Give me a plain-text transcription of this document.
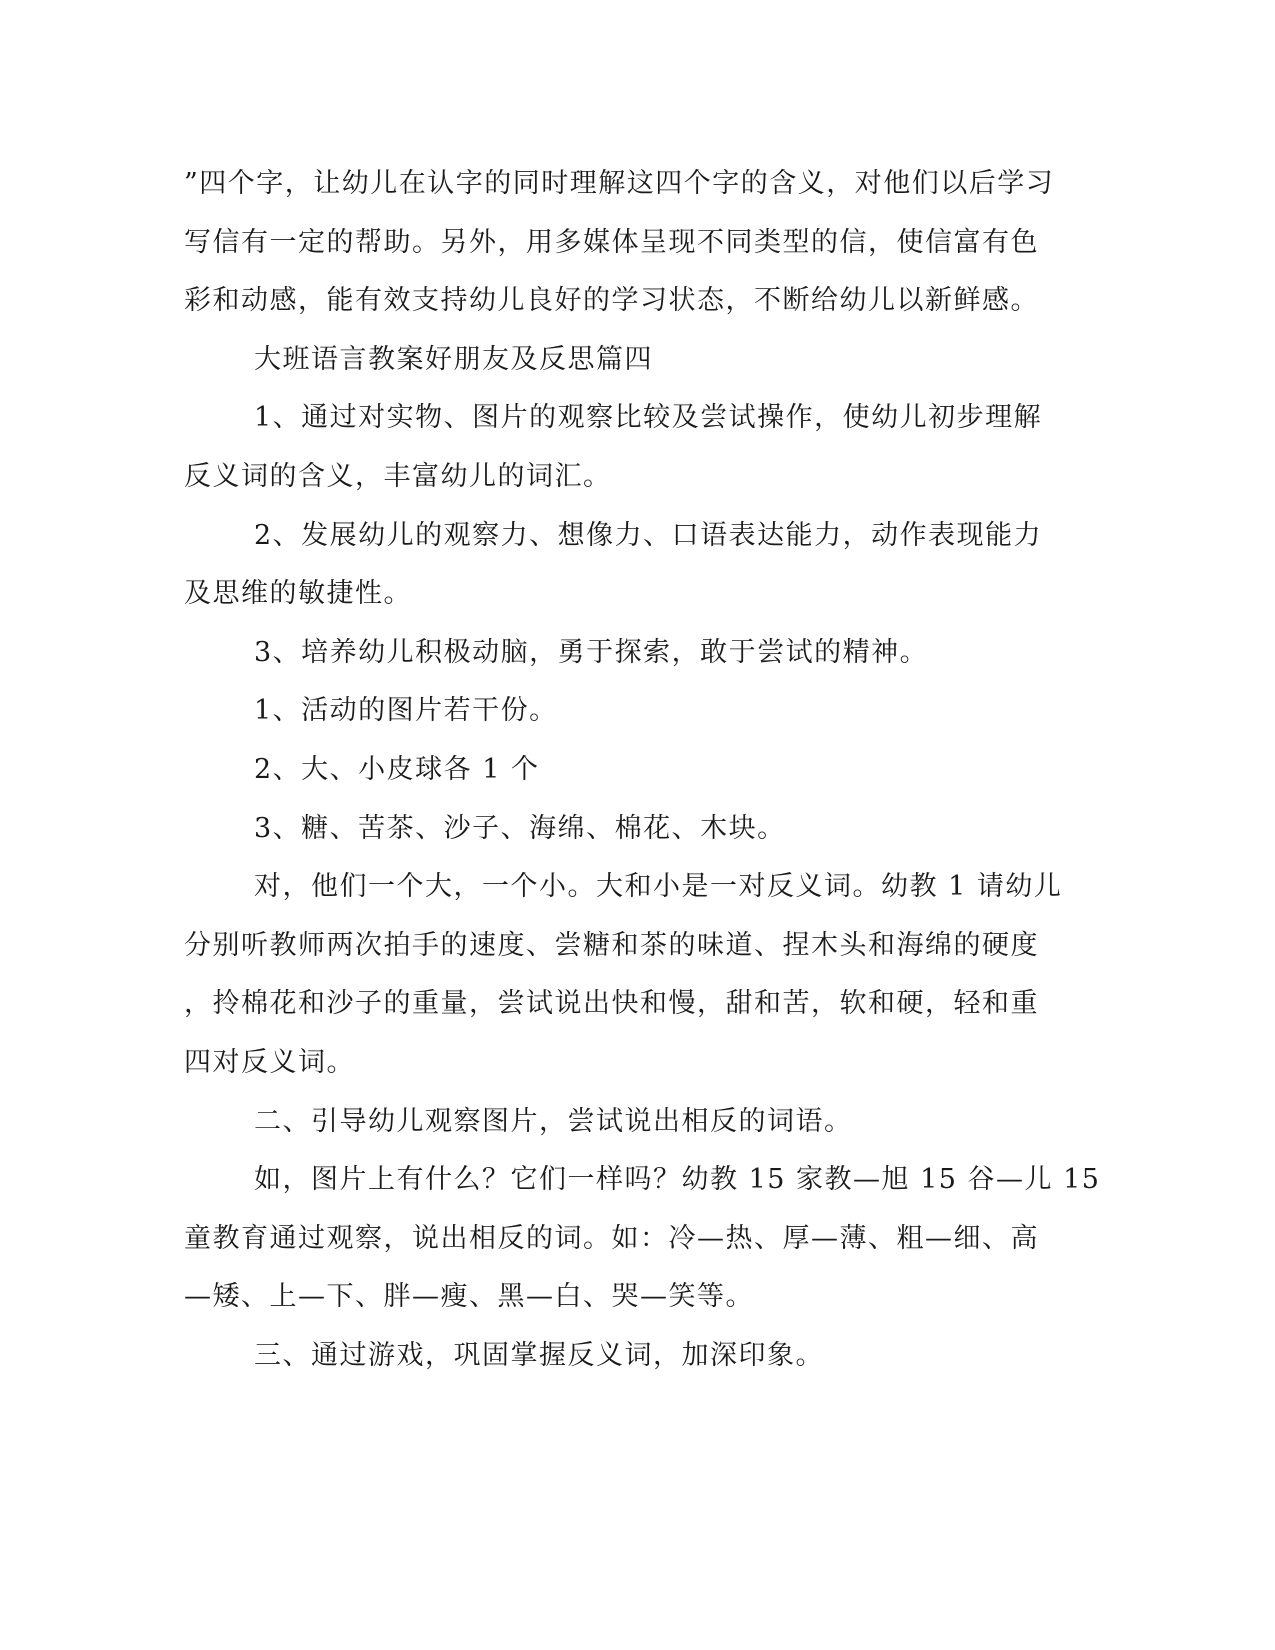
”四个字，让幼儿在认字的同时理解这四个字的含义，对他们以后学习
写信有一定的帮助。另外，用多媒体呈现不同类型的信，使信富有色
彩和动感，能有效支持幼儿良好的学习状态，不断给幼儿以新鲜感。
大班语言教案好朋友及反思篇四
1、通过对实物、图片的观察比较及尝试操作，使幼儿初步理解
反义词的含义，丰富幼儿的词汇。
2、发展幼儿的观察力、想像力、口语表达能力，动作表现能力
及思维的敏捷性。
3、培养幼儿积极动脑，勇于探索，敢于尝试的精神。
1、活动的图片若干份。
2、大、小皮球各 1 个
3、糖、苦茶、沙子、海绵、棉花、木块。
对，他们一个大，一个小。大和小是一对反义词。幼教 1 请幼儿
分别听教师两次拍手的速度、尝糖和茶的味道、捏木头和海绵的硬度
，拎棉花和沙子的重量，尝试说出快和慢，甜和苦，软和硬，轻和重
四对反义词。
二、引导幼儿观察图片，尝试说出相反的词语。
如，图片上有什么？它们一样吗？幼教 15 家教—旭 15 谷—儿 15
童教育通过观察，说出相反的词。如：冷—热、厚—薄、粗—细、高
—矮、上—下、胖—瘦、黑—白、哭—笑等。
三、通过游戏，巩固掌握反义词，加深印象。
